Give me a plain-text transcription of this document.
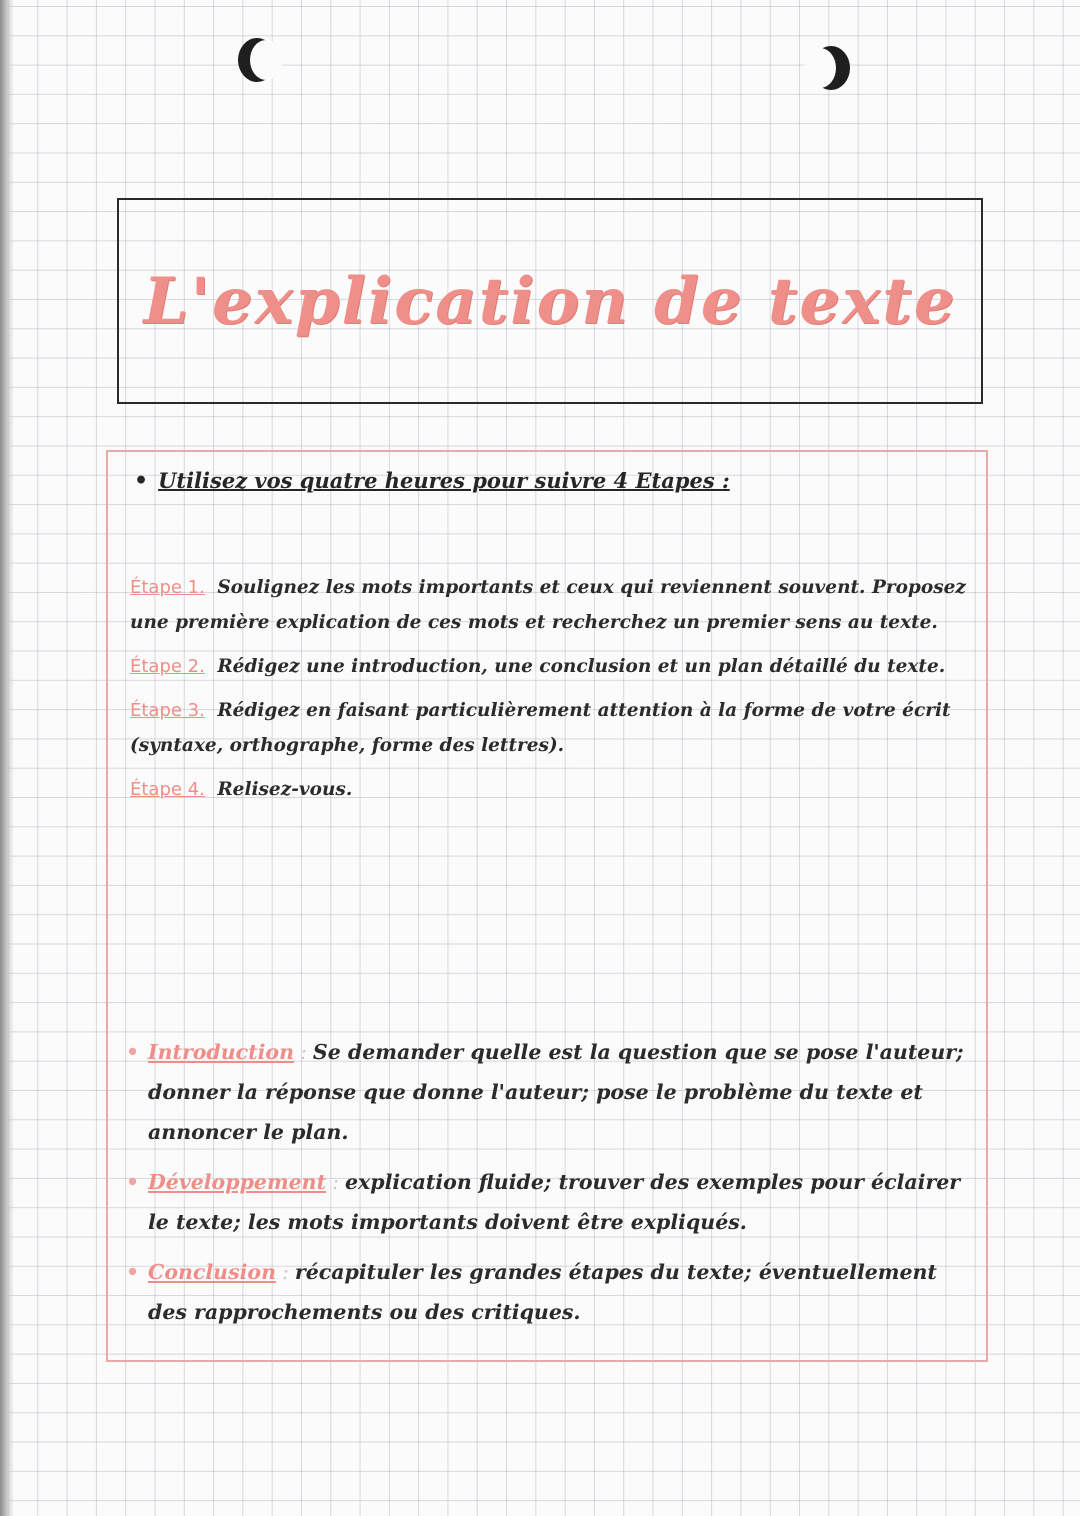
L'explication de texte
• Utilisez vos quatre heures pour suivre 4 Etapes :

Étape 1. Soulignez les mots importants et ceux qui reviennent souvent. Proposez une première explication de ces mots et recherchez un premier sens au texte.

Étape 2. Rédigez une introduction, une conclusion et un plan détaillé du texte.

Étape 3. Rédigez en faisant particulièrement attention à la forme de votre écrit (syntaxe, orthographe, forme des lettres).

Étape 4. Relisez-vous.

• Introduction : Se demander quelle est la question que se pose l'auteur; donner la réponse que donne l'auteur; pose le problème du texte et annoncer le plan.
• Développement : explication fluide; trouver des exemples pour éclairer le texte; les mots importants doivent être expliqués.
• Conclusion : récapituler les grandes étapes du texte; éventuellement des rapprochements ou des critiques.
